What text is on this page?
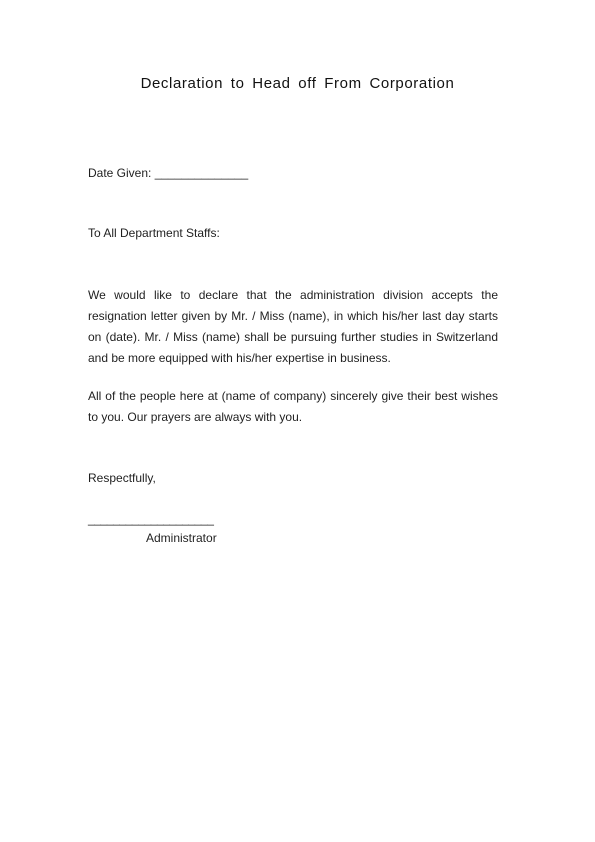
Declaration to Head off From Corporation
Date Given: ______________
To All Department Staffs:
We would like to declare that the administration division accepts the resignation letter given by Mr. / Miss (name), in which his/her last day starts on (date). Mr. / Miss (name) shall be pursuing further studies in Switzerland and be more equipped with his/her expertise in business.
All of the people here at (name of company) sincerely give their best wishes to you. Our prayers are always with you.
Respectfully,
____________________
Administrator
